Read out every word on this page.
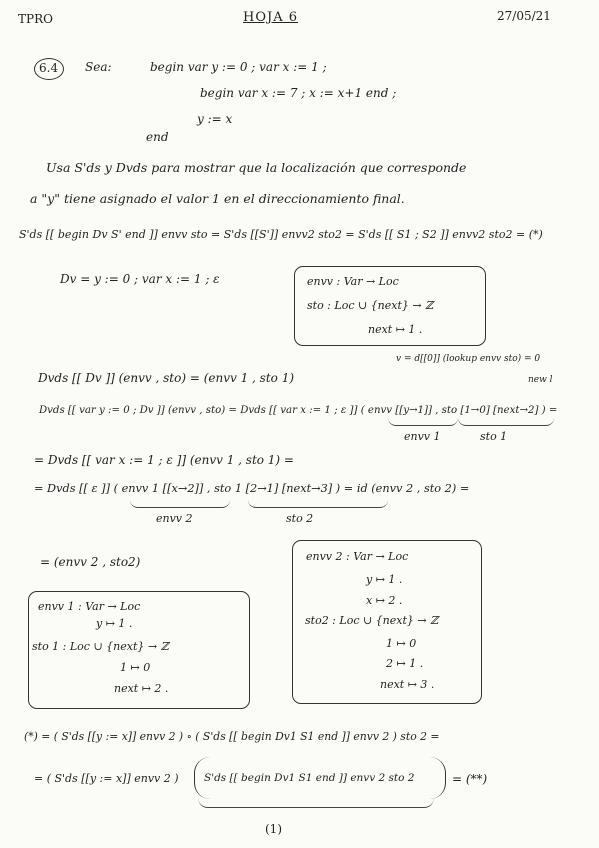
TPRO	HOJA 6	27/05/21
6.4 Sea:	begin var y := 0 ; var x := 1 ;
begin var x := 7 ; x := x+1 end ;
y := x
end
Usa S'ds y Dvds para mostrar que la localización que corresponde
a "y" tiene asignado el valor 1 en el direccionamiento final.
S'ds [[ begin Dv S' end ]] envv sto = S'ds [[S']] envv2 sto2 = S'ds [[ S1 ; S2 ]] envv2 sto2 = (*)
Dv = y := 0 ; var x := 1 ; ε	envv : Var → Loc
sto : Loc ∪ {next} → ℤ
next ↦ 1 .
v = d[[0]] (lookup envv sto) = 0
Dvds [[ Dv ]] (envv , sto) = (envv 1 , sto 1)	new l
Dvds [[ var y := 0 ; Dv ]] (envv , sto) = Dvds [[ var x := 1 ; ε ]] ( envv [[y→1]] , sto [1→0] [next→2] ) =
envv 1	sto 1
= Dvds [[ var x := 1 ; ε ]] (envv 1 , sto 1) =
= Dvds [[ ε ]] ( envv 1 [[x→2]] , sto 1 [2→1] [next→3] ) = id (envv 2 , sto 2) =
envv 2	sto 2
= (envv 2 , sto2)	envv 2 : Var → Loc
y ↦ 1 .
x ↦ 2 .
sto2 : Loc ∪ {next} → ℤ
1 ↦ 0
2 ↦ 1 .
next ↦ 3 .
envv 1 : Var → Loc
y ↦ 1 .
sto 1 : Loc ∪ {next} → ℤ
1 ↦ 0
next ↦ 2 .
(*) = ( S'ds [[y := x]] envv 2 ) ∘ ( S'ds [[ begin Dv1 S1 end ]] envv 2 ) sto 2 =
= ( S'ds [[y := x]] envv 2 ) S'ds [[ begin Dv1 S1 end ]] envv 2 sto 2	= (**)
(1)
